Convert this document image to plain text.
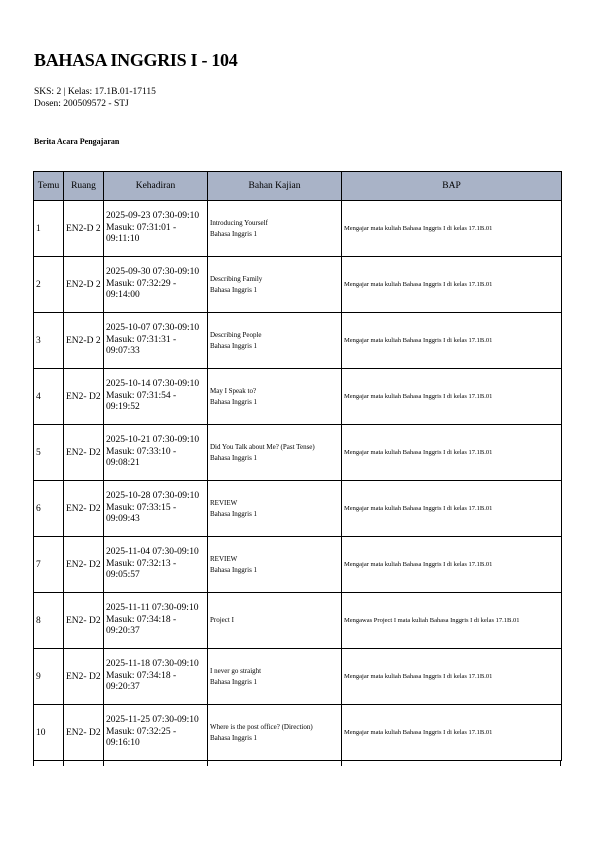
BAHASA INGGRIS I - 104
SKS: 2 | Kelas: 17.1B.01-17115
Dosen: 200509572 - STJ
Berita Acara Pengajaran
Temu	Ruang	Kehadiran	Bahan Kajian	BAP
1	EN2-D 2	2025-09-23 07:30-09:10
Masuk: 07:31:01 -
09:11:10	Introducing Yourself
Bahasa Inggris 1	Mengajar mata kuliah Bahasa Inggris I di kelas 17.1B.01
2	EN2-D 2	2025-09-30 07:30-09:10
Masuk: 07:32:29 -
09:14:00	Describing Family
Bahasa Inggris 1	Mengajar mata kuliah Bahasa Inggris I di kelas 17.1B.01
3	EN2-D 2	2025-10-07 07:30-09:10
Masuk: 07:31:31 -
09:07:33	Describing People
Bahasa Inggris 1	Mengajar mata kuliah Bahasa Inggris I di kelas 17.1B.01
4	EN2- D2	2025-10-14 07:30-09:10
Masuk: 07:31:54 -
09:19:52	May I Speak to?
Bahasa Inggris 1	Mengajar mata kuliah Bahasa Inggris I di kelas 17.1B.01
5	EN2- D2	2025-10-21 07:30-09:10
Masuk: 07:33:10 -
09:08:21	Did You Talk about Me? (Past Tense)
Bahasa Inggris 1	Mengajar mata kuliah Bahasa Inggris I di kelas 17.1B.01
6	EN2- D2	2025-10-28 07:30-09:10
Masuk: 07:33:15 -
09:09:43	REVIEW
Bahasa Inggris 1	Mengajar mata kuliah Bahasa Inggris I di kelas 17.1B.01
7	EN2- D2	2025-11-04 07:30-09:10
Masuk: 07:32:13 -
09:05:57	REVIEW
Bahasa Inggris 1	Mengajar mata kuliah Bahasa Inggris I di kelas 17.1B.01
8	EN2- D2	2025-11-11 07:30-09:10
Masuk: 07:34:18 -
09:20:37	Project I	Mengawas Project I mata kuliah Bahasa Inggris I di kelas 17.1B.01
9	EN2- D2	2025-11-18 07:30-09:10
Masuk: 07:34:18 -
09:20:37	I never go straight
Bahasa Inggris 1	Mengajar mata kuliah Bahasa Inggris I di kelas 17.1B.01
10	EN2- D2	2025-11-25 07:30-09:10
Masuk: 07:32:25 -
09:16:10	Where is the post office? (Direction)
Bahasa Inggris 1	Mengajar mata kuliah Bahasa Inggris I di kelas 17.1B.01
